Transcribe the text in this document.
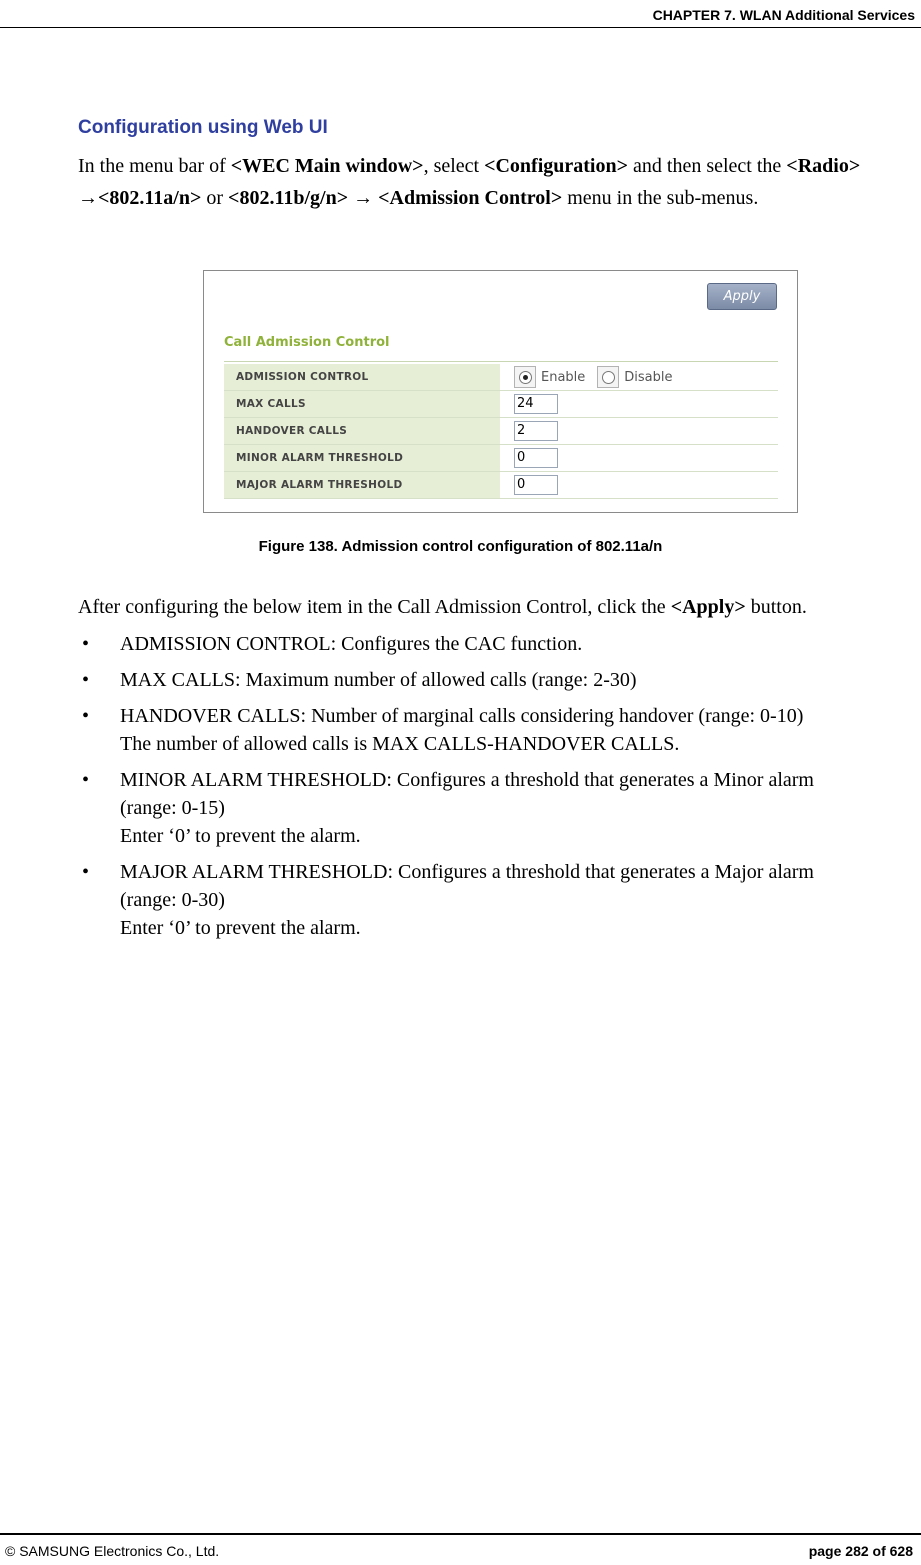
CHAPTER 7. WLAN Additional Services
Configuration using Web UI
In the menu bar of <WEC Main window>, select <Configuration> and then select the <Radio> →<802.11a/n> or <802.11b/g/n> → <Admission Control> menu in the sub-menus.
Apply
Call Admission Control
ADMISSION CONTROL	Enable Disable
MAX CALLS	24
HANDOVER CALLS	2
MINOR ALARM THRESHOLD	0
MAJOR ALARM THRESHOLD	0
Figure 138. Admission control configuration of 802.11a/n
After configuring the below item in the Call Admission Control, click the <Apply> button.
• ADMISSION CONTROL: Configures the CAC function.
• MAX CALLS: Maximum number of allowed calls (range: 2-30)
• HANDOVER CALLS: Number of marginal calls considering handover (range: 0-10)
The number of allowed calls is MAX CALLS-HANDOVER CALLS.
• MINOR ALARM THRESHOLD: Configures a threshold that generates a Minor alarm
(range: 0-15)
Enter ‘0’ to prevent the alarm.
• MAJOR ALARM THRESHOLD: Configures a threshold that generates a Major alarm
(range: 0-30)
Enter ‘0’ to prevent the alarm.
© SAMSUNG Electronics Co., Ltd.	page 282 of 628
